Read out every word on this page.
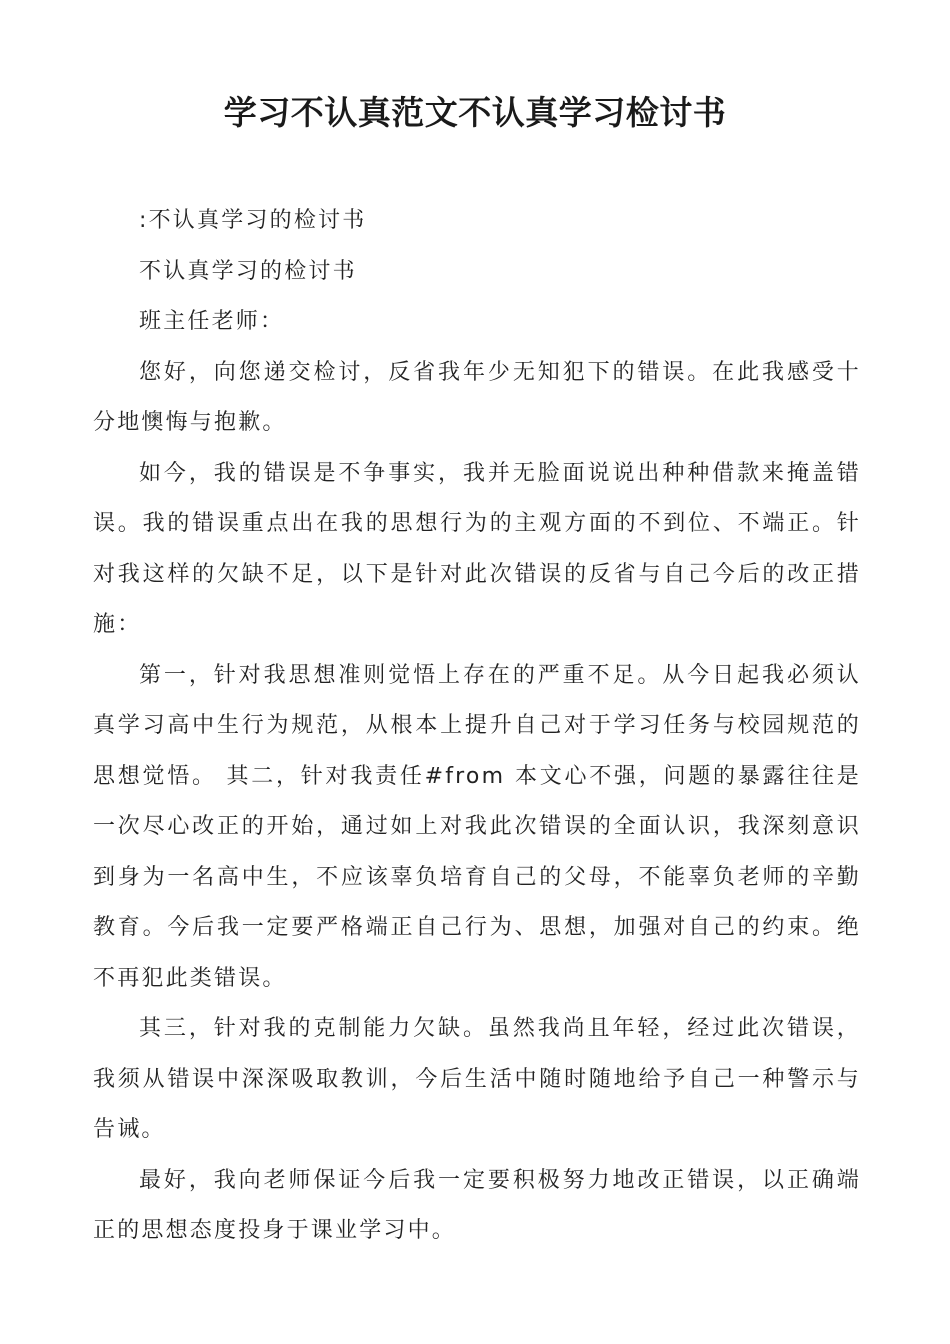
学习不认真范文不认真学习检讨书

:不认真学习的检讨书

不认真学习的检讨书

班主任老师：

您好，向您递交检讨，反省我年少无知犯下的错误。在此我感受十分地懊悔与抱歉。

如今，我的错误是不争事实，我并无脸面说说出种种借款来掩盖错误。我的错误重点出在我的思想行为的主观方面的不到位、不端正。针对我这样的欠缺不足，以下是针对此次错误的反省与自己今后的改正措施：

第一，针对我思想准则觉悟上存在的严重不足。从今日起我必须认真学习高中生行为规范，从根本上提升自己对于学习任务与校园规范的思想觉悟。 其二，针对我责任#from 本文心不强，问题的暴露往往是一次尽心改正的开始，通过如上对我此次错误的全面认识，我深刻意识到身为一名高中生，不应该辜负培育自己的父母，不能辜负老师的辛勤教育。今后我一定要严格端正自己行为、思想，加强对自己的约束。绝不再犯此类错误。

其三，针对我的克制能力欠缺。虽然我尚且年轻，经过此次错误，我须从错误中深深吸取教训，今后生活中随时随地给予自己一种警示与告诫。

最好，我向老师保证今后我一定要积极努力地改正错误，以正确端正的思想态度投身于课业学习中。
